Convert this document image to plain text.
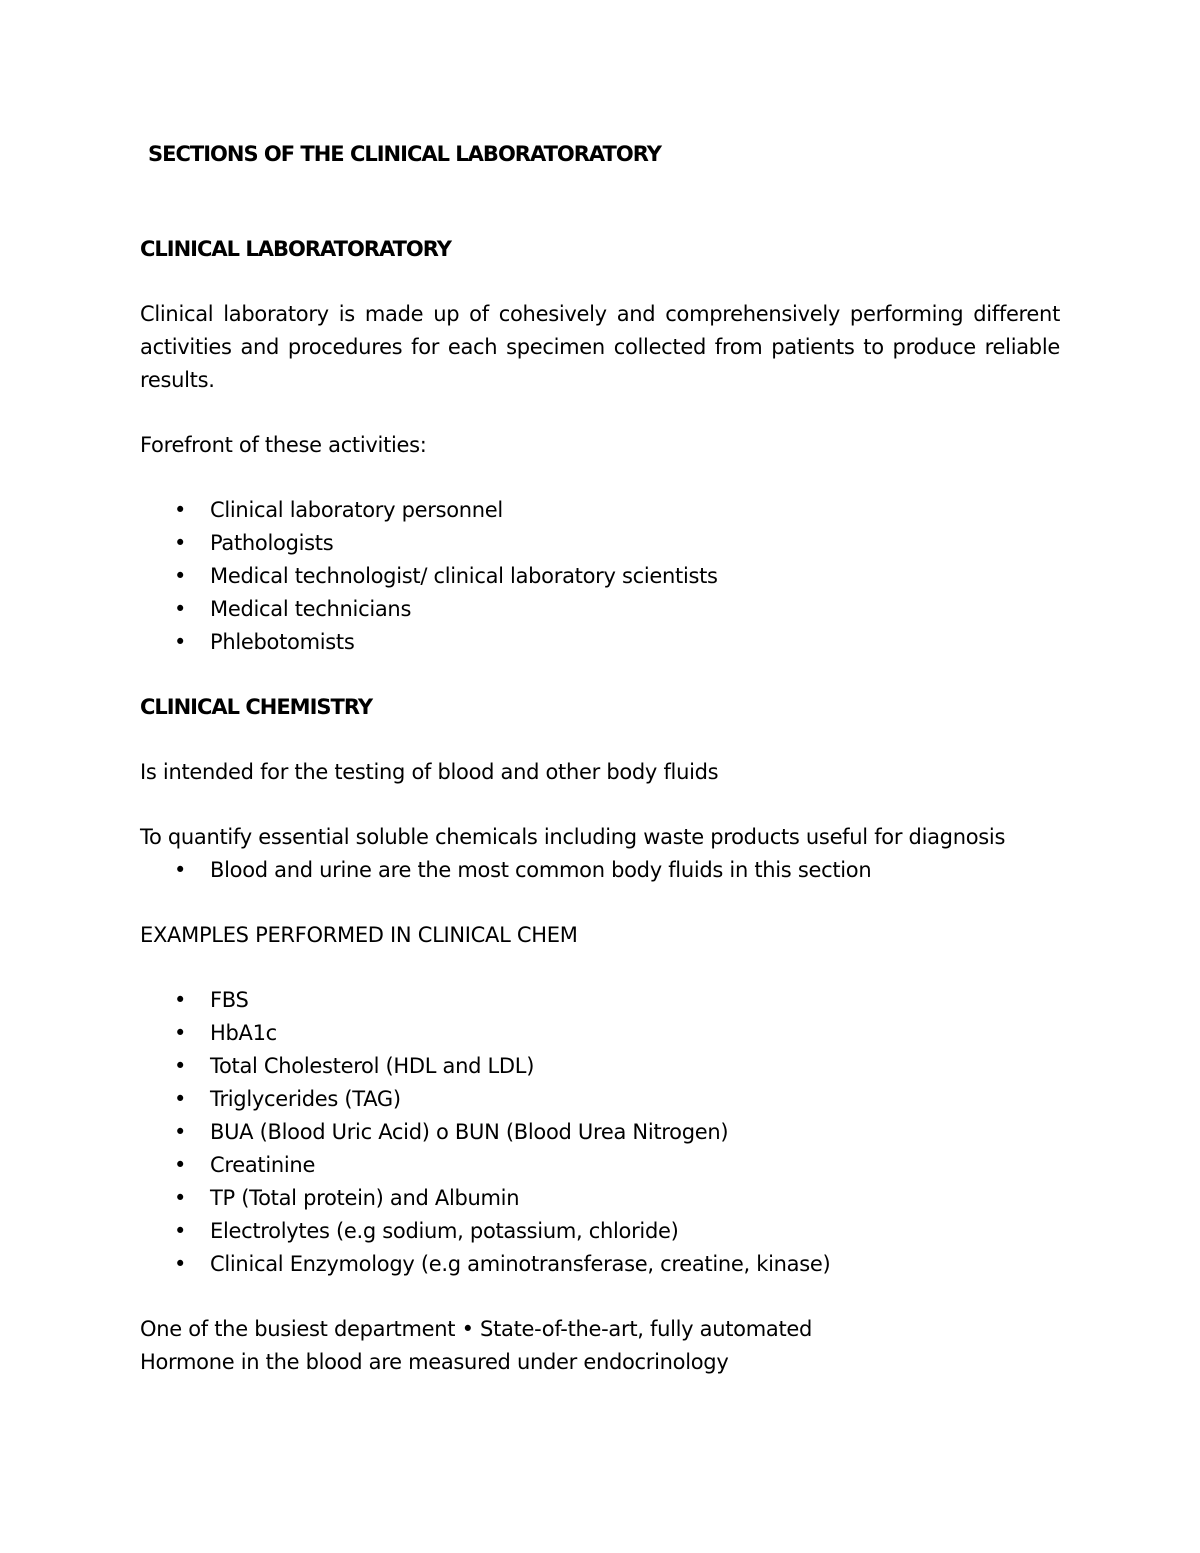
SECTIONS OF THE CLINICAL LABORATORATORY

CLINICAL LABORATORATORY

Clinical laboratory is made up of cohesively and comprehensively performing different activities and procedures for each specimen collected from patients to produce reliable results.

Forefront of these activities:

• Clinical laboratory personnel
• Pathologists
• Medical technologist/ clinical laboratory scientists
• Medical technicians
• Phlebotomists

CLINICAL CHEMISTRY

Is intended for the testing of blood and other body fluids

To quantify essential soluble chemicals including waste products useful for diagnosis

• Blood and urine are the most common body fluids in this section

EXAMPLES PERFORMED IN CLINICAL CHEM

• FBS
• HbA1c
• Total Cholesterol (HDL and LDL)
• Triglycerides (TAG)
• BUA (Blood Uric Acid) o BUN (Blood Urea Nitrogen)
• Creatinine
• TP (Total protein) and Albumin
• Electrolytes (e.g sodium, potassium, chloride)
• Clinical Enzymology (e.g aminotransferase, creatine, kinase)

One of the busiest department • State-of-the-art, fully automated

Hormone in the blood are measured under endocrinology
